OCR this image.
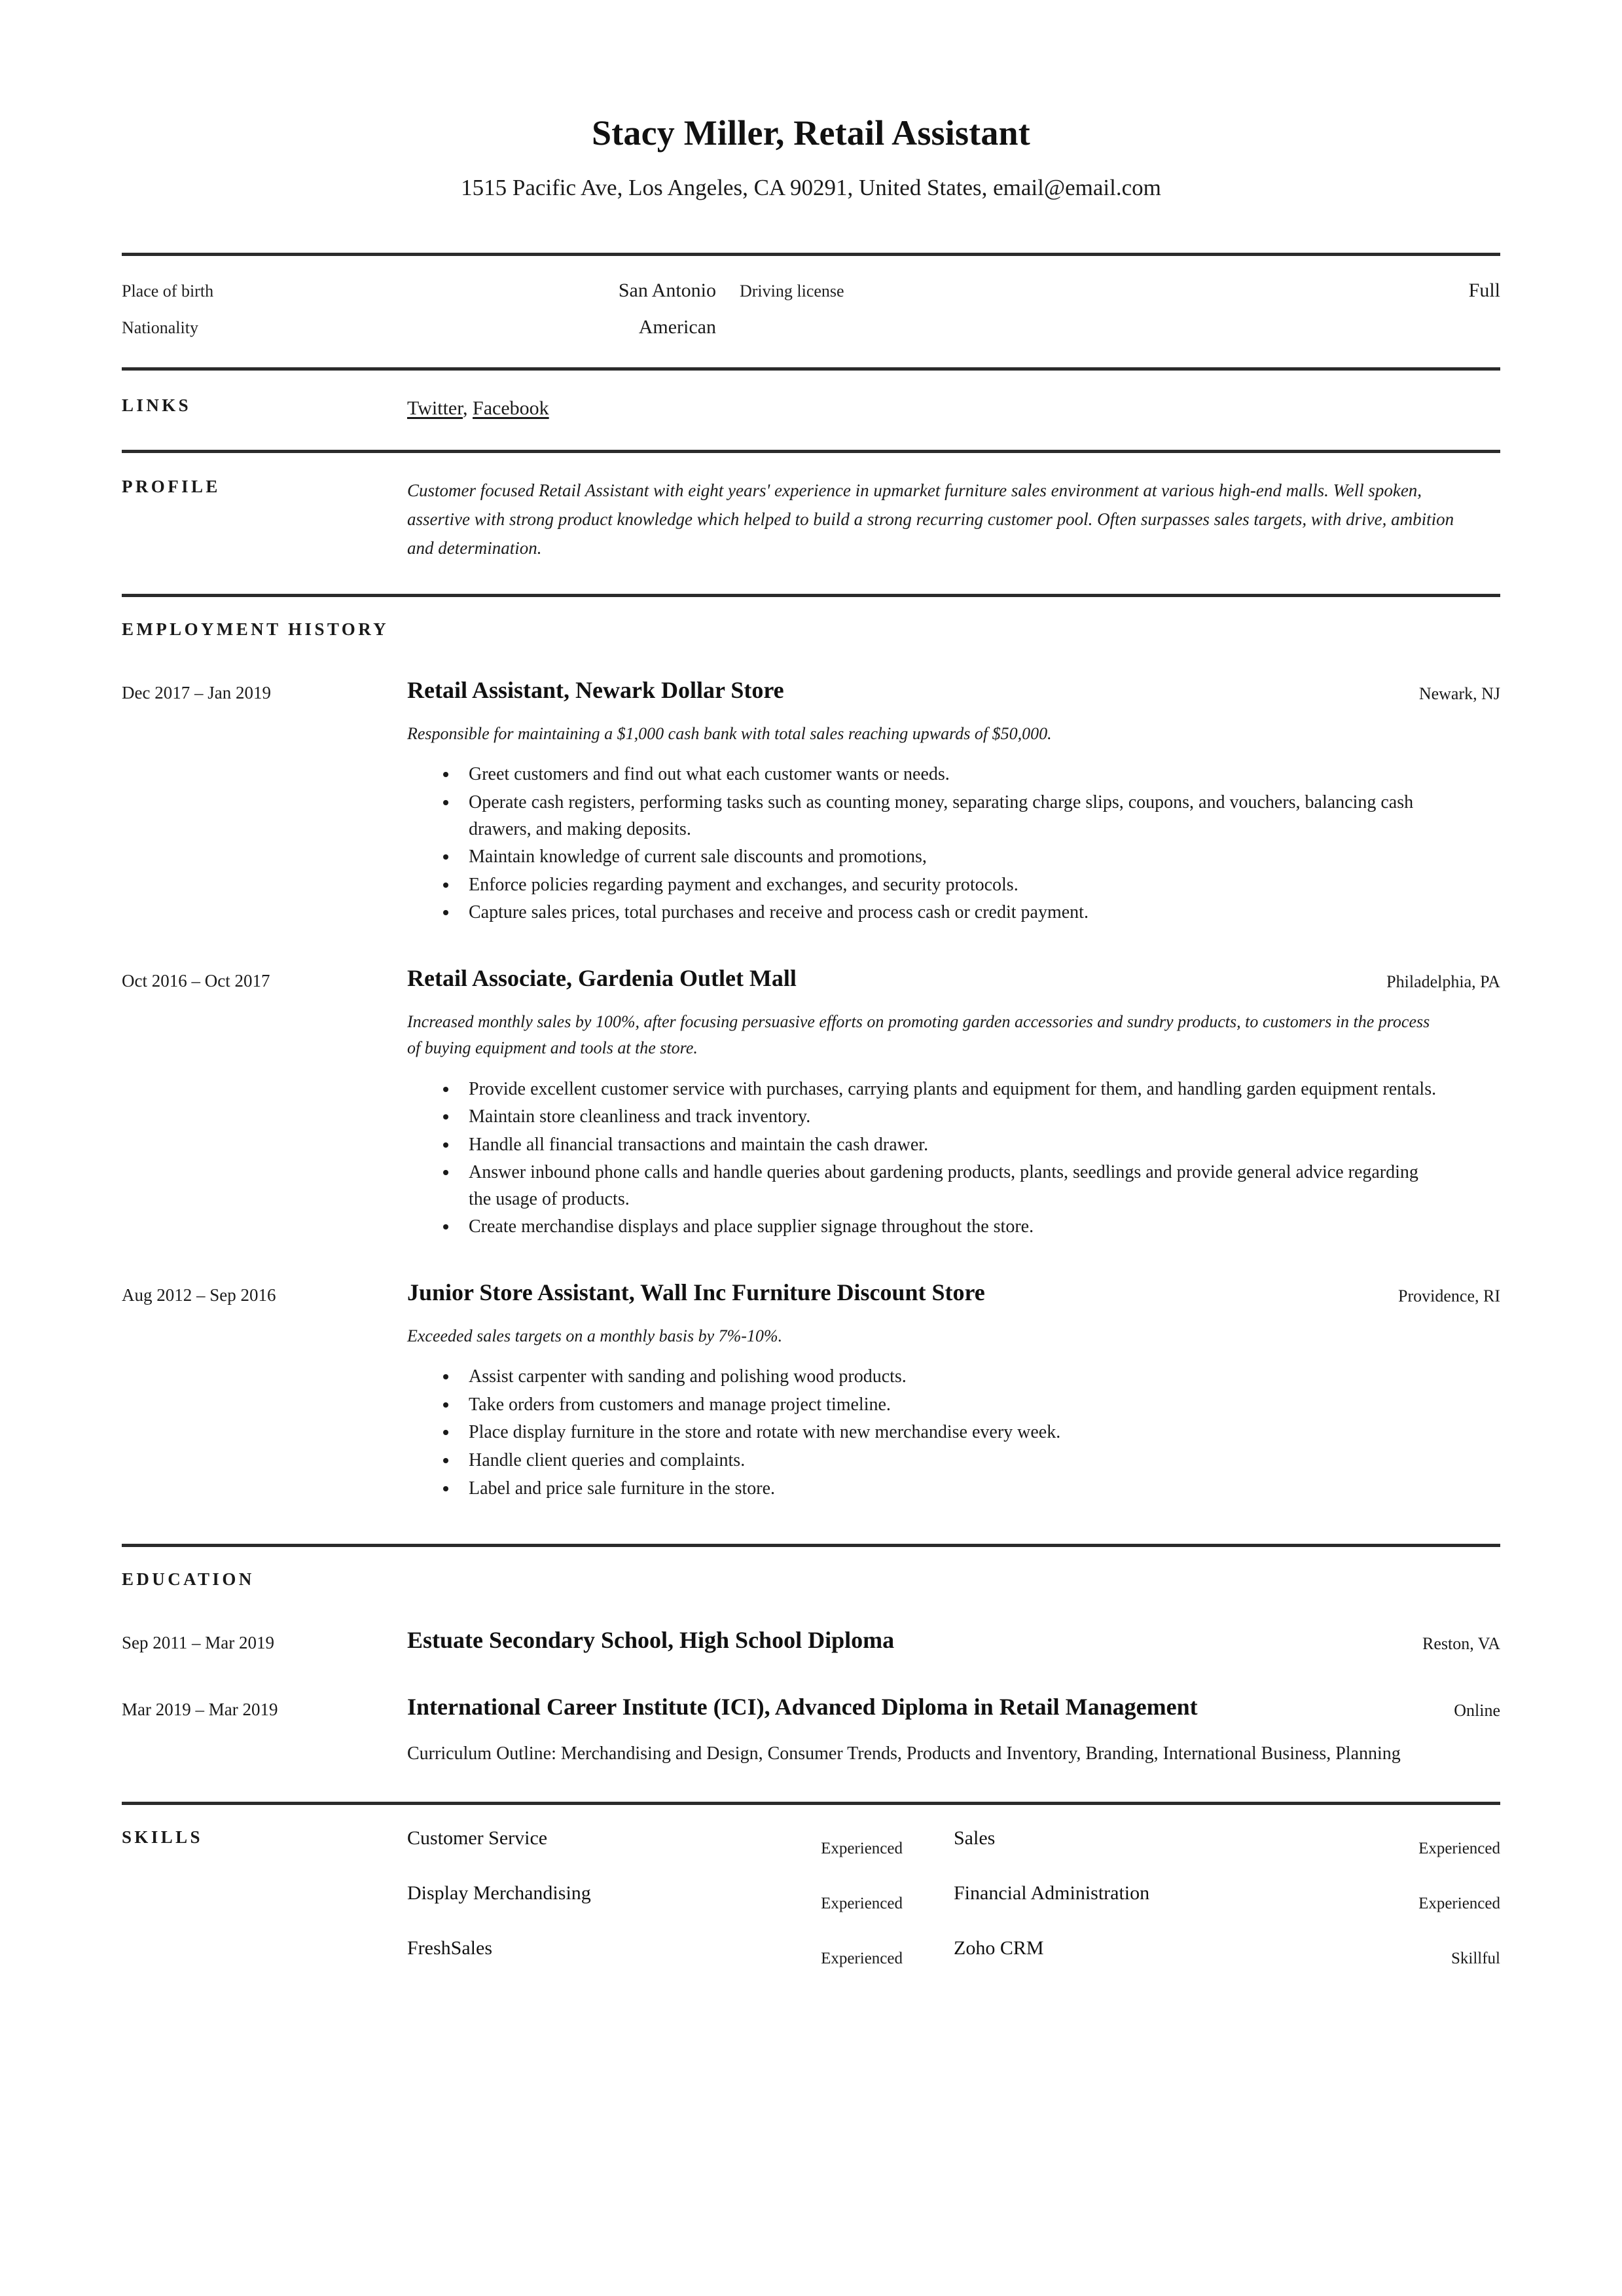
Stacy Miller, Retail Assistant
1515 Pacific Ave, Los Angeles, CA 90291, United States, email@email.com
Place of birth	San Antonio Driving license	Full
Nationality	American
LINKS	Twitter, Facebook
PROFILE	Customer focused Retail Assistant with eight years' experience in upmarket furniture sales environment at various high-end malls. Well spoken, assertive with strong product knowledge which helped to build a strong recurring customer pool. Often surpasses sales targets, with drive, ambition and determination.
EMPLOYMENT HISTORY
Dec 2017 – Jan 2019	Retail Assistant, Newark Dollar Store	Newark, NJ
Responsible for maintaining a $1,000 cash bank with total sales reaching upwards of $50,000.
• Greet customers and find out what each customer wants or needs.
• Operate cash registers, performing tasks such as counting money, separating charge slips, coupons, and vouchers, balancing cash drawers, and making deposits.
• Maintain knowledge of current sale discounts and promotions,
• Enforce policies regarding payment and exchanges, and security protocols.
• Capture sales prices, total purchases and receive and process cash or credit payment.
Oct 2016 – Oct 2017	Retail Associate, Gardenia Outlet Mall	Philadelphia, PA
Increased monthly sales by 100%, after focusing persuasive efforts on promoting garden accessories and sundry products, to customers in the process of buying equipment and tools at the store.
• Provide excellent customer service with purchases, carrying plants and equipment for them, and handling garden equipment rentals.
• Maintain store cleanliness and track inventory.
• Handle all financial transactions and maintain the cash drawer.
• Answer inbound phone calls and handle queries about gardening products, plants, seedlings and provide general advice regarding the usage of products.
• Create merchandise displays and place supplier signage throughout the store.
Aug 2012 – Sep 2016	Junior Store Assistant, Wall Inc Furniture Discount Store	Providence, RI
Exceeded sales targets on a monthly basis by 7%-10%.
• Assist carpenter with sanding and polishing wood products.
• Take orders from customers and manage project timeline.
• Place display furniture in the store and rotate with new merchandise every week.
• Handle client queries and complaints.
• Label and price sale furniture in the store.
EDUCATION
Sep 2011 – Mar 2019	Estuate Secondary School, High School Diploma	Reston, VA
Mar 2019 – Mar 2019	International Career Institute (ICI), Advanced Diploma in Retail Management	Online
Curriculum Outline: Merchandising and Design, Consumer Trends, Products and Inventory, Branding, International Business, Planning
SKILLS	Customer Service	Experienced	Sales	Experienced
Display Merchandising	Experienced	Financial Administration	Experienced
FreshSales	Experienced	Zoho CRM	Skillful
